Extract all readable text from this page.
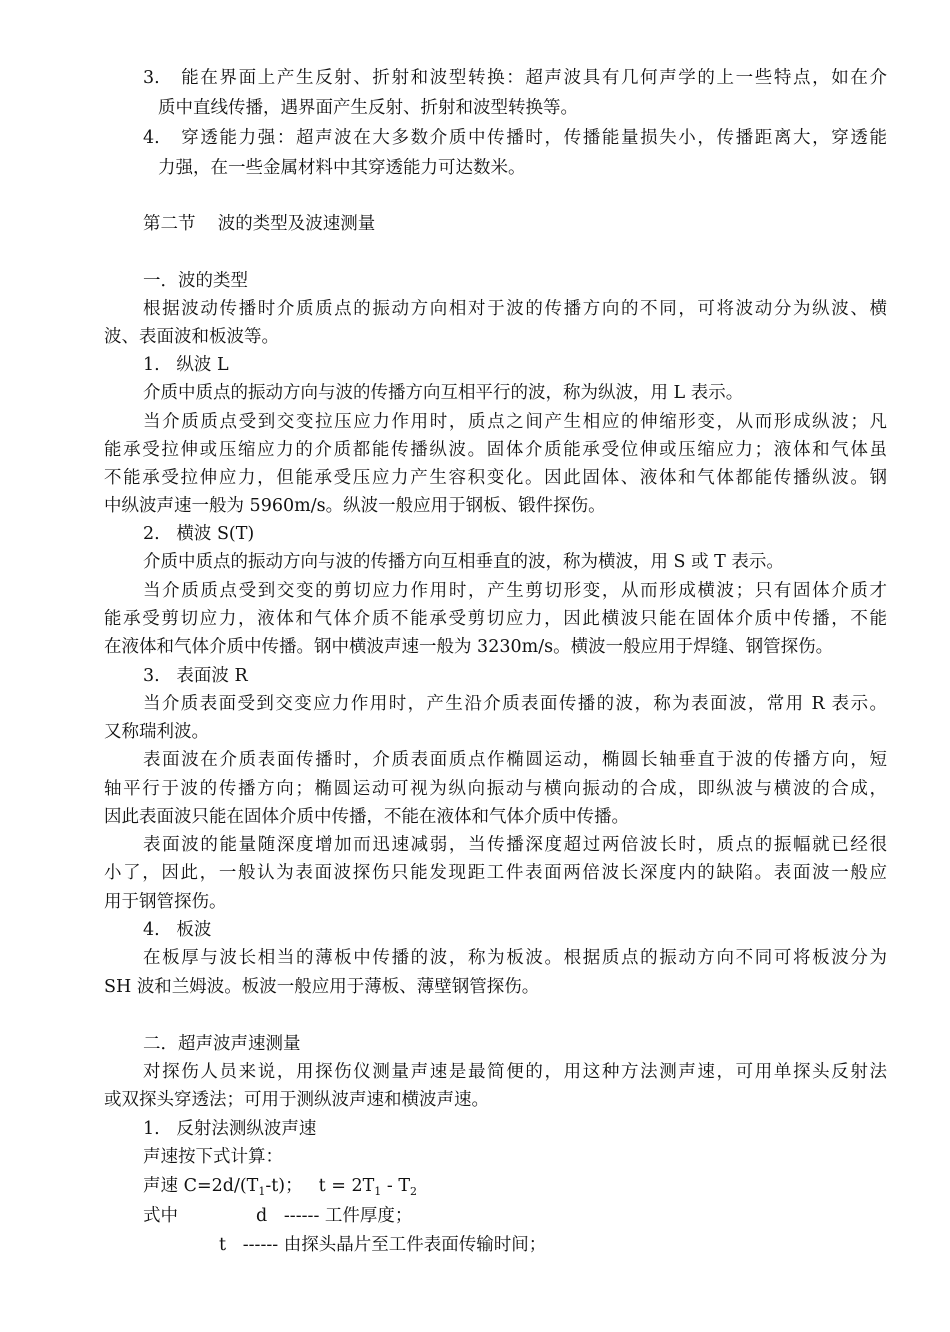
3.   能在界面上产生反射、折射和波型转换：超声波具有几何声学的上一些特点，如在介
质中直线传播，遇界面产生反射、折射和波型转换等。
4.   穿透能力强：超声波在大多数介质中传播时，传播能量损失小，传播距离大，穿透能
力强，在一些金属材料中其穿透能力可达数米。
第二节    波的类型及波速测量
一．波的类型
根据波动传播时介质质点的振动方向相对于波的传播方向的不同，可将波动分为纵波、横
波、表面波和板波等。
1.   纵波 L
介质中质点的振动方向与波的传播方向互相平行的波，称为纵波，用 L 表示。
当介质质点受到交变拉压应力作用时，质点之间产生相应的伸缩形变，从而形成纵波；凡
能承受拉伸或压缩应力的介质都能传播纵波。固体介质能承受位伸或压缩应力；液体和气体虽
不能承受拉伸应力，但能承受压应力产生容积变化。因此固体、液体和气体都能传播纵波。钢
中纵波声速一般为 5960m/s。纵波一般应用于钢板、锻件探伤。
2.   横波 S(T)
介质中质点的振动方向与波的传播方向互相垂直的波，称为横波，用 S 或 T 表示。
当介质质点受到交变的剪切应力作用时，产生剪切形变，从而形成横波；只有固体介质才
能承受剪切应力，液体和气体介质不能承受剪切应力，因此横波只能在固体介质中传播，不能
在液体和气体介质中传播。钢中横波声速一般为 3230m/s。横波一般应用于焊缝、钢管探伤。
3.   表面波 R
当介质表面受到交变应力作用时，产生沿介质表面传播的波，称为表面波，常用 R 表示。
又称瑞利波。
表面波在介质表面传播时，介质表面质点作椭圆运动，椭圆长轴垂直于波的传播方向，短
轴平行于波的传播方向；椭圆运动可视为纵向振动与横向振动的合成，即纵波与横波的合成，
因此表面波只能在固体介质中传播，不能在液体和气体介质中传播。
表面波的能量随深度增加而迅速减弱，当传播深度超过两倍波长时，质点的振幅就已经很
小了，因此，一般认为表面波探伤只能发现距工件表面两倍波长深度内的缺陷。表面波一般应
用于钢管探伤。
4.   板波
在板厚与波长相当的薄板中传播的波，称为板波。根据质点的振动方向不同可将板波分为
SH 波和兰姆波。板波一般应用于薄板、薄壁钢管探伤。
二．超声波声速测量
对探伤人员来说，用探伤仪测量声速是最简便的，用这种方法测声速，可用单探头反射法
或双探头穿透法；可用于测纵波声速和横波声速。
1.   反射法测纵波声速
声速按下式计算：
声速 $C=2d/(T_1-t)$； $t = 2T_1 - T_2$
式中	d   ------ 工件厚度；
t   ------ 由探头晶片至工件表面传输时间；
